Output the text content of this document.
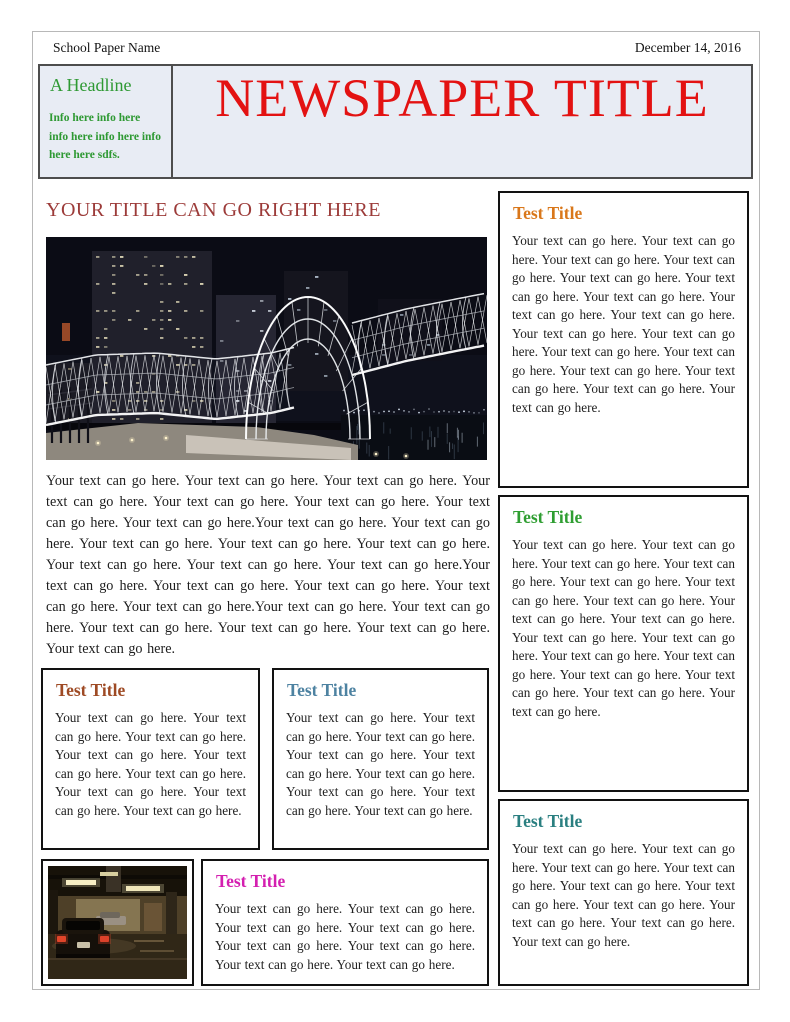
School Paper Name	December 14, 2016
A Headline
Info here info here info here info here info here here sdfs.
NEWSPAPER TITLE
YOUR TITLE CAN GO RIGHT HERE
Your text can go here. Your text can go here. Your text can go here. Your text can go here. Your text can go here. Your text can go here. Your text can go here. Your text can go here.Your text can go here. Your text can go here. Your text can go here. Your text can go here. Your text can go here. Your text can go here. Your text can go here. Your text can go here.Your text can go here. Your text can go here. Your text can go here. Your text can go here. Your text can go here.Your text can go here. Your text can go here. Your text can go here. Your text can go here. Your text can go here. Your text can go here.
Test Title

Your text can go here. Your text can go here. Your text can go here. Your text can go here. Your text can go here. Your text can go here. Your text can go here. Your text can go here. Your text can go here.

Test Title

Your text can go here. Your text can go here. Your text can go here. Your text can go here. Your text can go here. Your text can go here. Your text can go here. Your text can go here. Your text can go here.

Test Title

Your text can go here. Your text can go here. Your text can go here. Your text can go here. Your text can go here. Your text can go here. Your text can go here. Your text can go here.

Test Title

Your text can go here. Your text can go here. Your text can go here. Your text can go here. Your text can go here. Your text can go here. Your text can go here. Your text can go here. Your text can go here. Your text can go here. Your text can go here. Your text can go here. Your text can go here. Your text can go here. Your text can go here. Your text can go here. Your text can go here.

Test Title

Your text can go here. Your text can go here. Your text can go here. Your text can go here. Your text can go here. Your text can go here. Your text can go here. Your text can go here. Your text can go here. Your text can go here. Your text can go here. Your text can go here. Your text can go here. Your text can go here. Your text can go here. Your text can go here. Your text can go here.

Test Title

Your text can go here. Your text can go here. Your text can go here. Your text can go here. Your text can go here. Your text can go here. Your text can go here. Your text can go here. Your text can go here. Your text can go here.
